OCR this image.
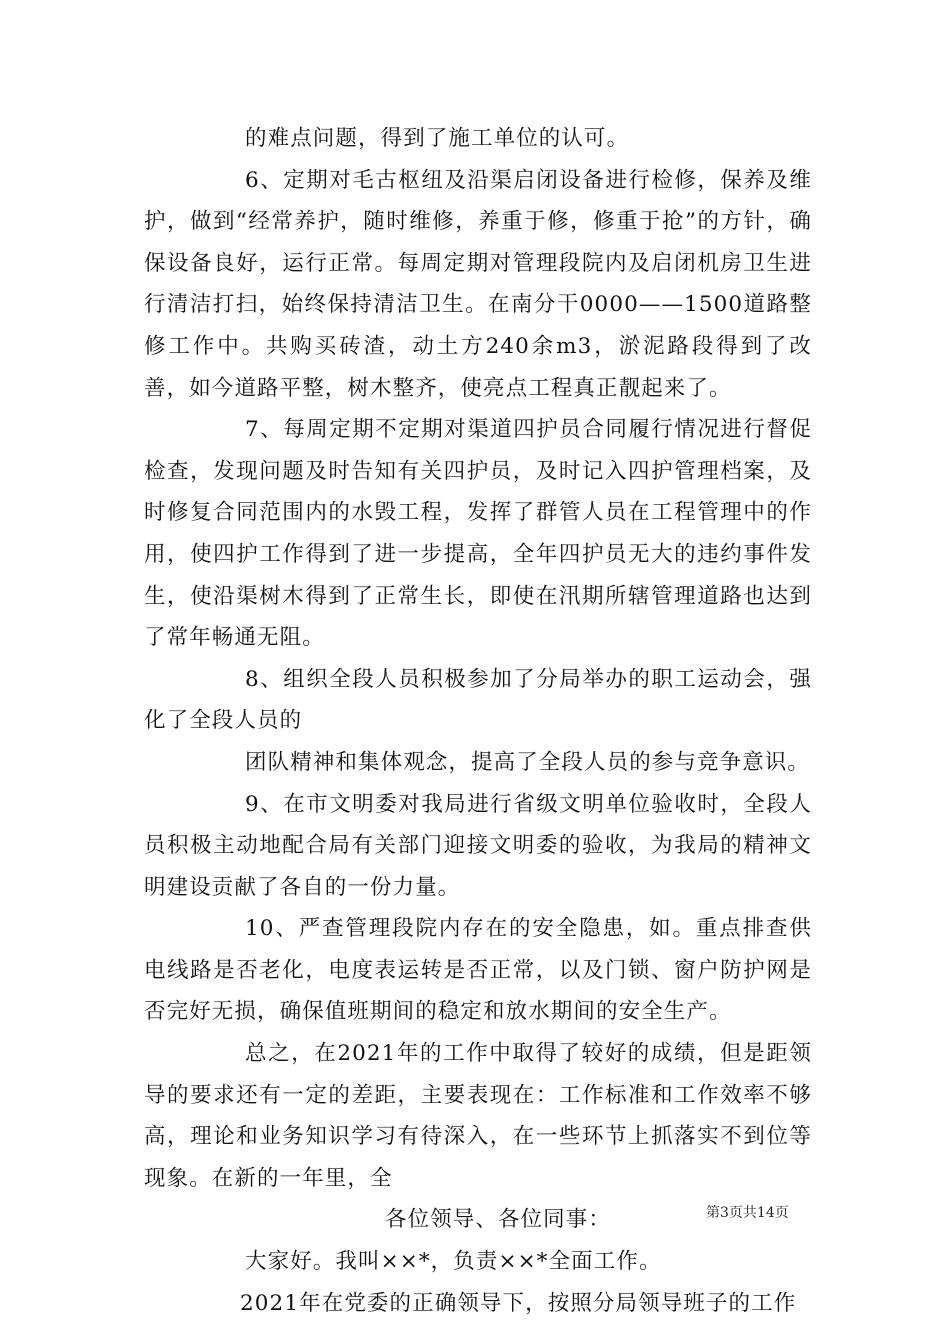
的难点问题，得到了施工单位的认可。

6、定期对毛古枢纽及沿渠启闭设备进行检修，保养及维护，做到“经常养护，随时维修，养重于修，修重于抢”的方针，确保设备良好，运行正常。每周定期对管理段院内及启闭机房卫生进行清洁打扫，始终保持清洁卫生。在南分干0000——1500道路整修工作中。共购买砖渣，动土方240余m3，淤泥路段得到了改善，如今道路平整，树木整齐，使亮点工程真正靓起来了。

7、每周定期不定期对渠道四护员合同履行情况进行督促检查，发现问题及时告知有关四护员，及时记入四护管理档案，及时修复合同范围内的水毁工程，发挥了群管人员在工程管理中的作用，使四护工作得到了进一步提高，全年四护员无大的违约事件发生，使沿渠树木得到了正常生长，即使在汛期所辖管理道路也达到了常年畅通无阻。

8、组织全段人员积极参加了分局举办的职工运动会，强化了全段人员的

团队精神和集体观念，提高了全段人员的参与竞争意识。

9、在市文明委对我局进行省级文明单位验收时，全段人员积极主动地配合局有关部门迎接文明委的验收，为我局的精神文明建设贡献了各自的一份力量。

10、严查管理段院内存在的安全隐患，如。重点排查供电线路是否老化，电度表运转是否正常，以及门锁、窗户防护网是否完好无损，确保值班期间的稳定和放水期间的安全生产。

总之，在2021年的工作中取得了较好的成绩，但是距领导的要求还有一定的差距，主要表现在：工作标准和工作效率不够高，理论和业务知识学习有待深入，在一些环节上抓落实不到位等现象。在新的一年里，全

各位领导、各位同事：

大家好。我叫××*，负责××*全面工作。

2021年在党委的正确领导下，按照分局领导班子的工作

第3页共14页
